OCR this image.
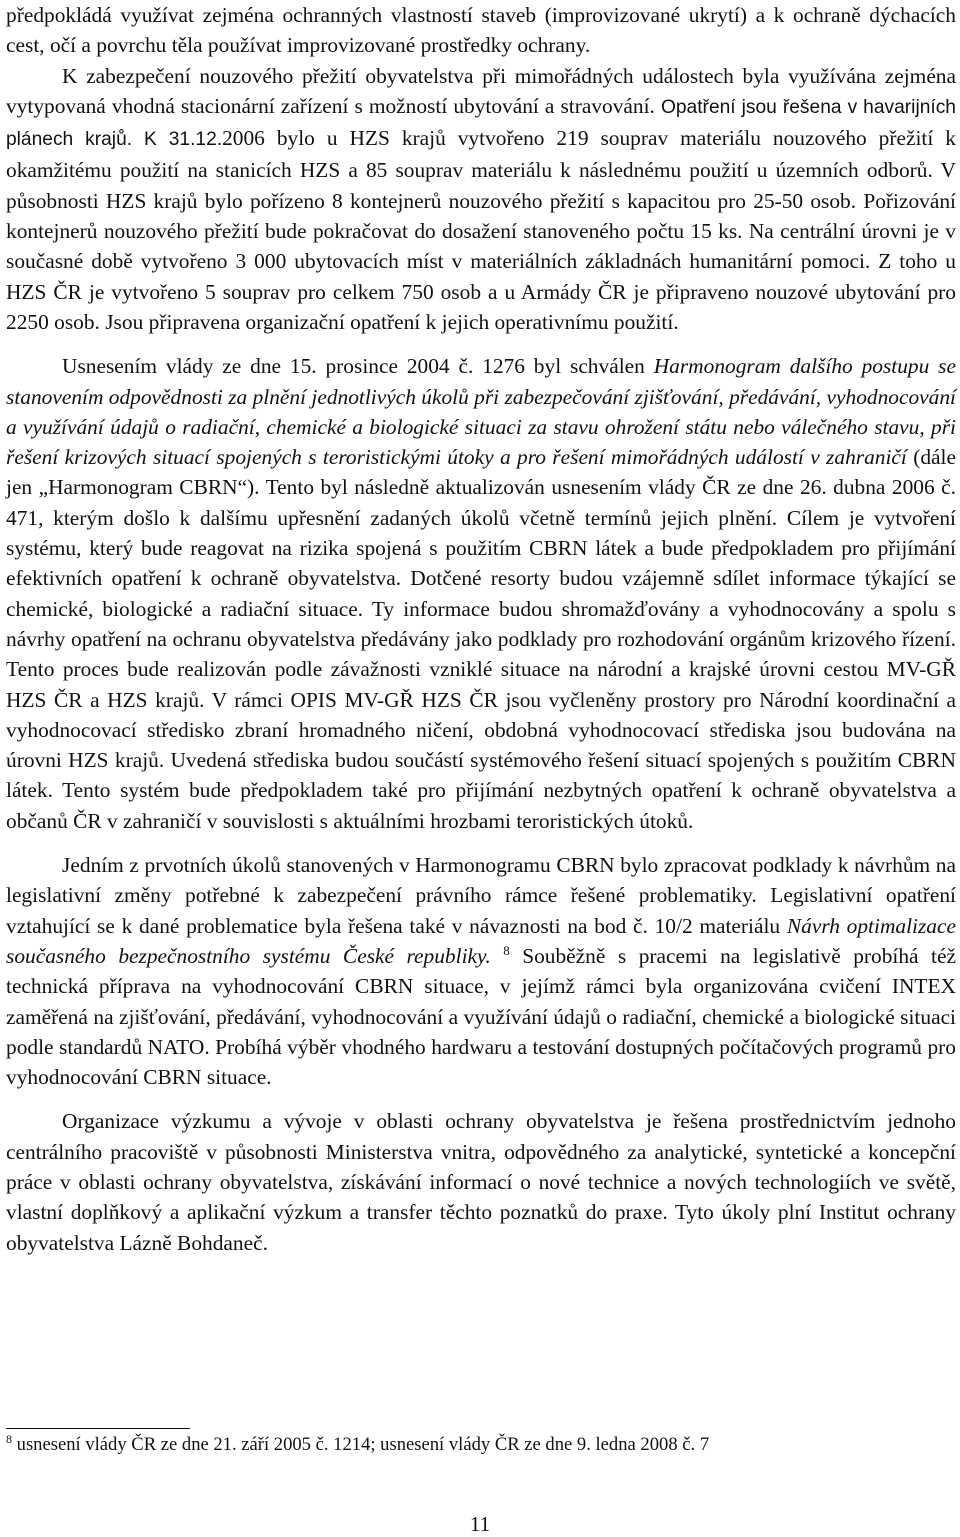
předpokládá využívat zejména ochranných vlastností staveb (improvizované ukrytí) a k ochraně dýchacích cest, očí a povrchu těla používat improvizované prostředky ochrany.

K zabezpečení nouzového přežití obyvatelstva při mimořádných událostech byla využívána zejména vytypovaná vhodná stacionární zařízení s možností ubytování a stravování. Opatření jsou řešena v havarijních plánech krajů. K 31.12.2006 bylo u HZS krajů vytvořeno 219 souprav materiálu nouzového přežití k okamžitému použití na stanicích HZS a 85 souprav materiálu k následnému použití u územních odborů. V působnosti HZS krajů bylo pořízeno 8 kontejnerů nouzového přežití s kapacitou pro 25-50 osob. Pořizování kontejnerů nouzového přežití bude pokračovat do dosažení stanoveného počtu 15 ks. Na centrální úrovni je v současné době vytvořeno 3 000 ubytovacích míst v materiálních základnách humanitární pomoci. Z toho u HZS ČR je vytvořeno 5 souprav pro celkem 750 osob a u Armády ČR je připraveno nouzové ubytování pro 2250 osob. Jsou připravena organizační opatření k jejich operativnímu použití.

Usnesením vlády ze dne 15. prosince 2004 č. 1276 byl schválen Harmonogram dalšího postupu se stanovením odpovědnosti za plnění jednotlivých úkolů při zabezpečování zjišťování, předávání, vyhodnocování a využívání údajů o radiační, chemické a biologické situaci za stavu ohrožení státu nebo válečného stavu, při řešení krizových situací spojených s teroristickými útoky a pro řešení mimořádných událostí v zahraničí (dále jen „Harmonogram CBRN“). Tento byl následně aktualizován usnesením vlády ČR ze dne 26. dubna 2006 č. 471, kterým došlo k dalšímu upřesnění zadaných úkolů včetně termínů jejich plnění. Cílem je vytvoření systému, který bude reagovat na rizika spojená s použitím CBRN látek a bude předpokladem pro přijímání efektivních opatření k ochraně obyvatelstva. Dotčené resorty budou vzájemně sdílet informace týkající se chemické, biologické a radiační situace. Ty informace budou shromažďovány a vyhodnocovány a spolu s návrhy opatření na ochranu obyvatelstva předávány jako podklady pro rozhodování orgánům krizového řízení. Tento proces bude realizován podle závažnosti vzniklé situace na národní a krajské úrovni cestou MV-GŘ HZS ČR a HZS krajů. V rámci OPIS MV-GŘ HZS ČR jsou vyčleněny prostory pro Národní koordinační a vyhodnocovací středisko zbraní hromadného ničení, obdobná vyhodnocovací střediska jsou budována na úrovni HZS krajů. Uvedená střediska budou součástí systémového řešení situací spojených s použitím CBRN látek. Tento systém bude předpokladem také pro přijímání nezbytných opatření k ochraně obyvatelstva a občanů ČR v zahraničí v souvislosti s aktuálními hrozbami teroristických útoků.

Jedním z prvotních úkolů stanovených v Harmonogramu CBRN bylo zpracovat podklady k návrhům na legislativní změny potřebné k zabezpečení právního rámce řešené problematiky. Legislativní opatření vztahující se k dané problematice byla řešena také v návaznosti na bod č. 10/2 materiálu Návrh optimalizace současného bezpečnostního systému České republiky. $^8$ Souběžně s pracemi na legislativě probíhá též technická příprava na vyhodnocování CBRN situace, v jejímž rámci byla organizována cvičení INTEX zaměřená na zjišťování, předávání, vyhodnocování a využívání údajů o radiační, chemické a biologické situaci podle standardů NATO. Probíhá výběr vhodného hardwaru a testování dostupných počítačových programů pro vyhodnocování CBRN situace.

Organizace výzkumu a vývoje v oblasti ochrany obyvatelstva je řešena prostřednictvím jednoho centrálního pracoviště v působnosti Ministerstva vnitra, odpovědného za analytické, syntetické a koncepční práce v oblasti ochrany obyvatelstva, získávání informací o nové technice a nových technologiích ve světě, vlastní doplňkový a aplikační výzkum a transfer těchto poznatků do praxe. Tyto úkoly plní Institut ochrany obyvatelstva Lázně Bohdaneč.

$^8$ usnesení vlády ČR ze dne 21. září 2005 č. 1214; usnesení vlády ČR ze dne 9. ledna 2008 č. 7
11
